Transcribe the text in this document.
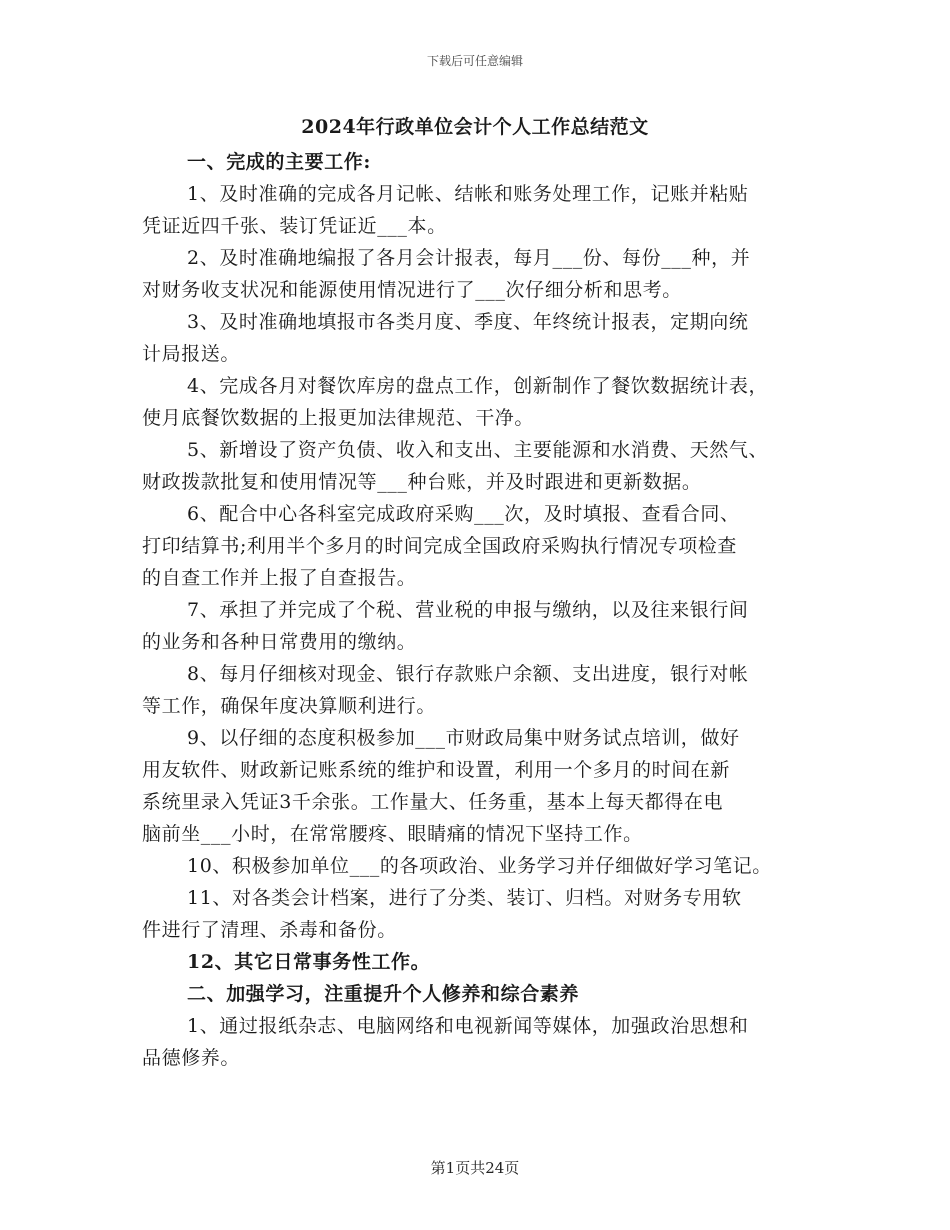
下载后可任意编辑
2024年行政单位会计个人工作总结范文
一、完成的主要工作:
1、及时准确的完成各月记帐、结帐和账务处理工作，记账并粘贴
凭证近四千张、装订凭证近___本。
2、及时准确地编报了各月会计报表，每月___份、每份___种，并
对财务收支状况和能源使用情况进行了___次仔细分析和思考。
3、及时准确地填报市各类月度、季度、年终统计报表，定期向统
计局报送。
4、完成各月对餐饮库房的盘点工作，创新制作了餐饮数据统计表，
使月底餐饮数据的上报更加法律规范、干净。
5、新增设了资产负债、收入和支出、主要能源和水消费、天然气、
财政拨款批复和使用情况等___种台账，并及时跟进和更新数据。
6、配合中心各科室完成政府采购___次，及时填报、查看合同、
打印结算书;利用半个多月的时间完成全国政府采购执行情况专项检查
的自查工作并上报了自查报告。
7、承担了并完成了个税、营业税的申报与缴纳，以及往来银行间
的业务和各种日常费用的缴纳。
8、每月仔细核对现金、银行存款账户余额、支出进度，银行对帐
等工作，确保年度决算顺利进行。
9、以仔细的态度积极参加___市财政局集中财务试点培训，做好
用友软件、财政新记账系统的维护和设置，利用一个多月的时间在新
系统里录入凭证3千余张。工作量大、任务重，基本上每天都得在电
脑前坐___小时，在常常腰疼、眼睛痛的情况下坚持工作。
10、积极参加单位___的各项政治、业务学习并仔细做好学习笔记。
11、对各类会计档案，进行了分类、装订、归档。对财务专用软
件进行了清理、杀毒和备份。
12、其它日常事务性工作。
二、加强学习，注重提升个人修养和综合素养
1、通过报纸杂志、电脑网络和电视新闻等媒体，加强政治思想和
品德修养。
第1页共24页
